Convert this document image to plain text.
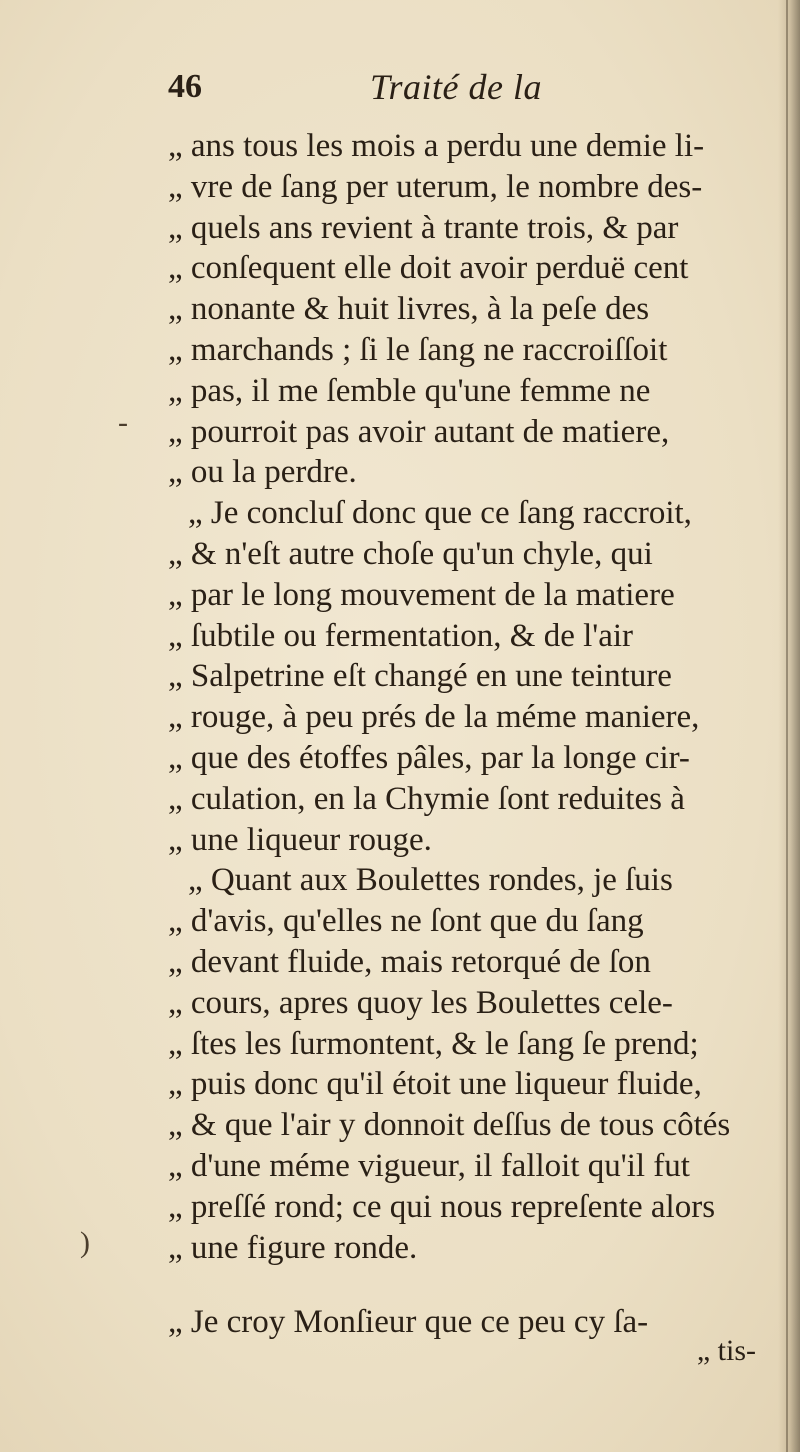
46	Traité de la
-
)
„ ans tous les mois a perdu une demie li-
„ vre de ſang per uterum, le nombre des-
„ quels ans revient à trante trois, & par
„ conſequent elle doit avoir perduë cent
„ nonante & huit livres, à la peſe des
„ marchands ; ſi le ſang ne raccroiſſoit
„ pas, il me ſemble qu'une femme ne
„ pourroit pas avoir autant de matiere,
„ ou la perdre.
„ Je concluſ donc que ce ſang raccroit,
„ & n'eſt autre choſe qu'un chyle, qui
„ par le long mouvement de la matiere
„ ſubtile ou fermentation, & de l'air
„ Salpetrine eſt changé en une teinture
„ rouge, à peu prés de la méme maniere,
„ que des étoffes pâles, par la longe cir-
„ culation, en la Chymie ſont reduites à
„ une liqueur rouge.
„ Quant aux Boulettes rondes, je ſuis
„ d'avis, qu'elles ne ſont que du ſang
„ devant fluide, mais retorqué de ſon
„ cours, apres quoy les Boulettes cele-
„ ſtes les ſurmontent, & le ſang ſe prend;
„ puis donc qu'il étoit une liqueur fluide,
„ & que l'air y donnoit deſſus de tous côtés
„ d'une méme vigueur, il falloit qu'il fut
„ preſſé rond; ce qui nous repreſente alors
„ une figure ronde.
„ Je croy Monſieur que ce peu cy ſa-
„ tis-
